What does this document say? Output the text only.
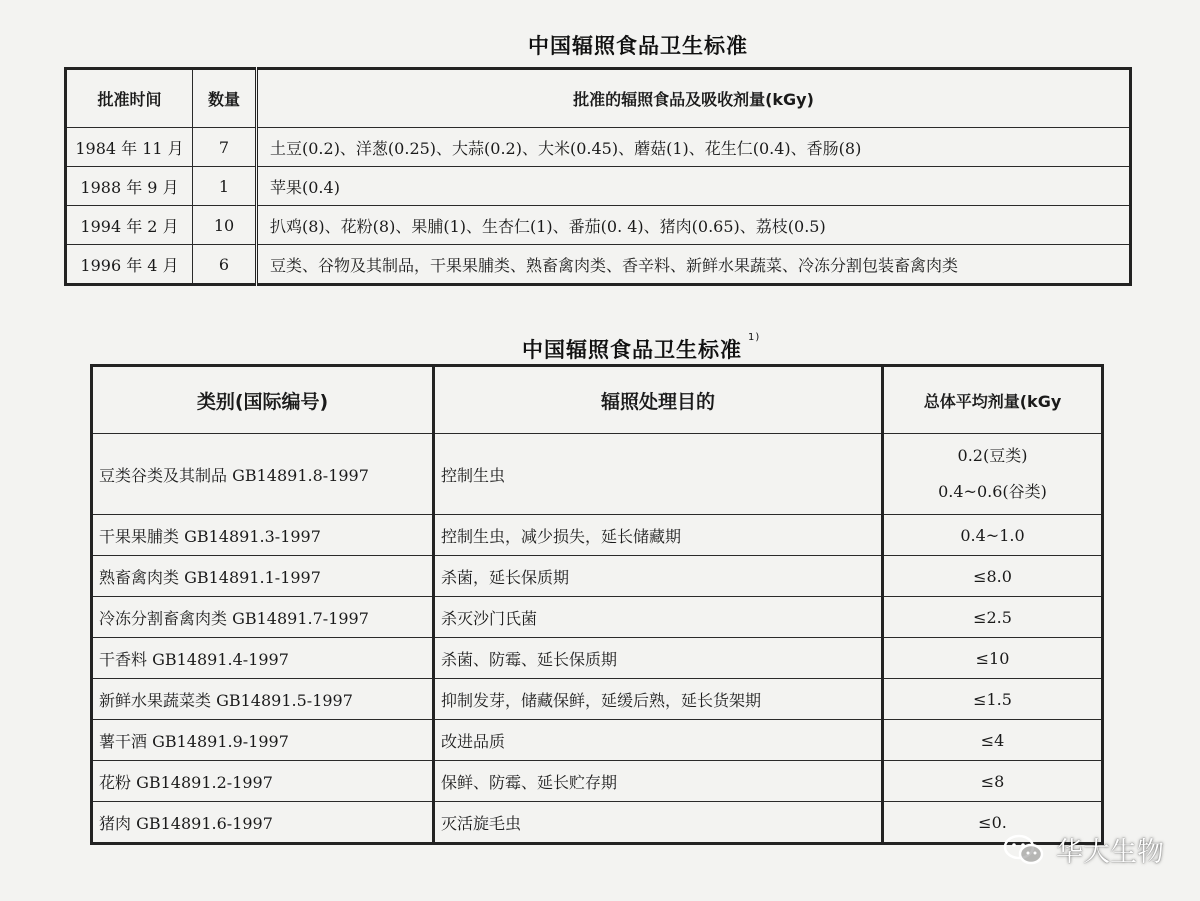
中国辐照食品卫生标准
批准时间	数量	批准的辐照食品及吸收剂量(kGy)
1984 年 11 月	7	土豆(0.2)、洋葱(0.25)、大蒜(0.2)、大米(0.45)、蘑菇(1)、花生仁(0.4)、香肠(8)
1988 年 9 月	1	苹果(0.4)
1994 年 2 月	10	扒鸡(8)、花粉(8)、果脯(1)、生杏仁(1)、番茄(0. 4)、猪肉(0.65)、荔枝(0.5)
1996 年 4 月	6	豆类、谷物及其制品，干果果脯类、熟畜禽肉类、香辛料、新鲜水果蔬菜、冷冻分割包装畜禽肉类
中国辐照食品卫生标准$^{1)}$
类别(国际编号)	辐照处理目的	总体平均剂量(kGy
豆类谷类及其制品 GB14891.8-1997	控制生虫	0.2(豆类)
0.4~0.6(谷类)

干果果脯类 GB14891.3-1997	控制生虫，减少损失，延长储藏期	0.4~1.0
熟畜禽肉类 GB14891.1-1997	杀菌，延长保质期	≤8.0
冷冻分割畜禽肉类 GB14891.7-1997	杀灭沙门氏菌	≤2.5
干香料 GB14891.4-1997	杀菌、防霉、延长保质期	≤10
新鲜水果蔬菜类 GB14891.5-1997	抑制发芽，储藏保鲜，延缓后熟，延长货架期	≤1.5
薯干酒 GB14891.9-1997	改进品质	≤4
花粉 GB14891.2-1997	保鲜、防霉、延长贮存期	≤8
猪肉 GB14891.6-1997	灭活旋毛虫	≤0.
华大生物
